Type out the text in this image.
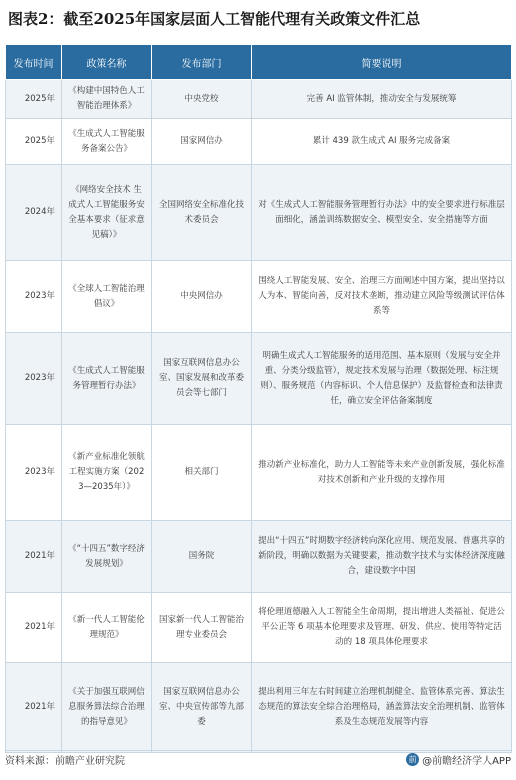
图表2：截至2025年国家层面人工智能代理有关政策文件汇总
发布时间	政策名称	发布部门	简要说明
2025年	《构建中国特色人工智能治理体系》	中央党校	完善 AI 监管体制，推动安全与发展统筹
2025年	《生成式人工智能服务备案公告》	国家网信办	累计 439 款生成式 AI 服务完成备案
2024年	《网络安全技术 生成式人工智能服务安全基本要求（征求意见稿）》	全国网络安全标准化技术委员会	对《生成式人工智能服务管理暂行办法》中的安全要求进行标准层面细化，涵盖训练数据安全、模型安全、安全措施等方面
2023年	《全球人工智能治理倡议》	中央网信办	围绕人工智能发展、安全、治理三方面阐述中国方案，提出坚持以人为本、智能向善，反对技术垄断，推动建立风险等级测试评估体系等
2023年	《生成式人工智能服务管理暂行办法》	国家互联网信息办公室、国家发展和改革委员会等七部门	明确生成式人工智能服务的适用范围、基本原则（发展与安全并重、分类分级监管），规定技术发展与治理（数据处理、标注规则）、服务规范（内容标识、个人信息保护）及监督检查和法律责任，确立安全评估备案制度
2023年	《新产业标准化领航工程实施方案（2023—2035年）》	相关部门	推动新产业标准化，助力人工智能等未来产业创新发展，强化标准对技术创新和产业升级的支撑作用
2021年	《“十四五”数字经济发展规划》	国务院	提出“十四五”时期数字经济转向深化应用、规范发展、普惠共享的新阶段，明确以数据为关键要素，推动数字技术与实体经济深度融合，建设数字中国
2021年	《新一代人工智能伦理规范》	国家新一代人工智能治理专业委员会	将伦理道德融入人工智能全生命周期，提出增进人类福祉、促进公平公正等 6 项基本伦理要求及管理、研发、供应、使用等特定活动的 18 项具体伦理要求
2021年	《关于加强互联网信息服务算法综合治理的指导意见》	国家互联网信息办公室、中央宣传部等九部委	提出利用三年左右时间建立治理机制健全、监管体系完善、算法生态规范的算法安全综合治理格局，涵盖算法安全治理机制、监管体系及生态规范发展等内容
资料来源：前瞻产业研究院	前 @前瞻经济学人APP
